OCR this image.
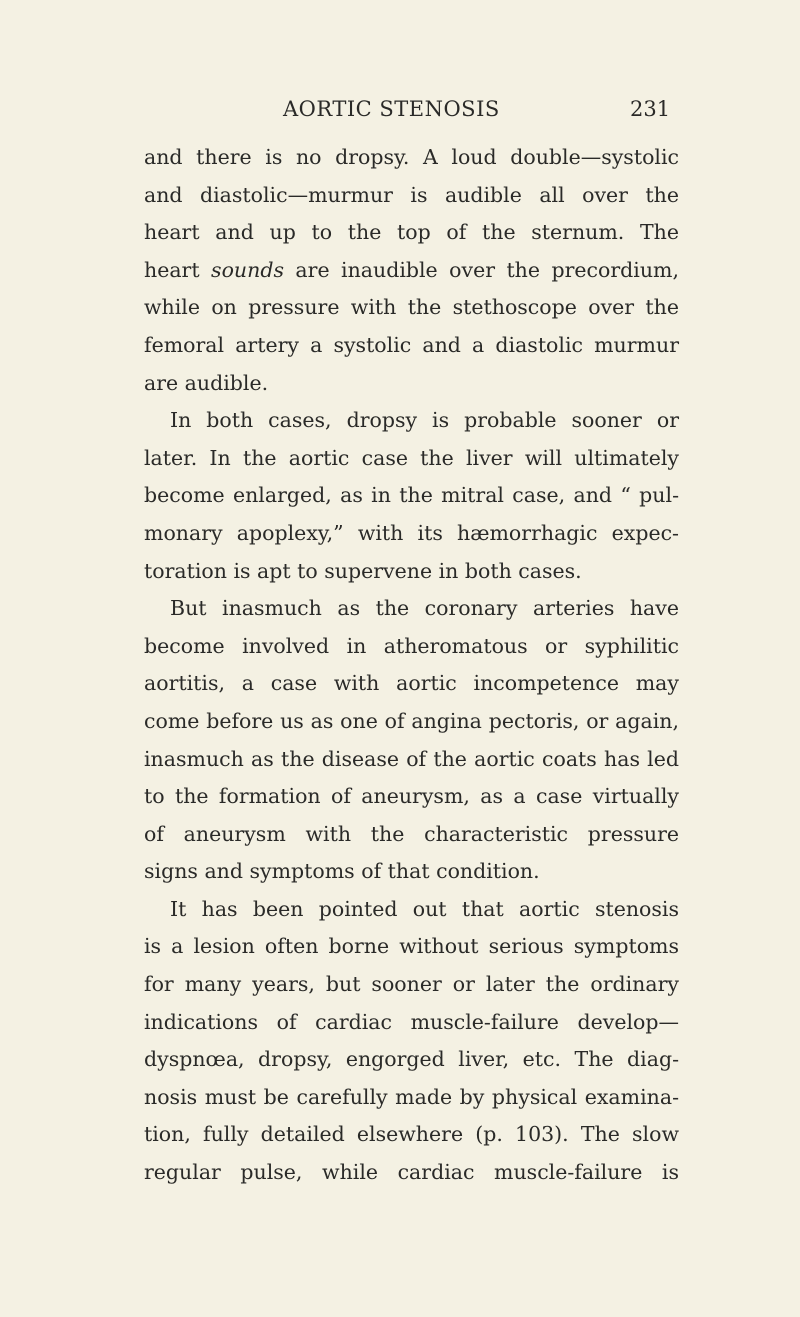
AORTIC STENOSIS	231
and there is no dropsy. A loud double—systolic
and diastolic—murmur is audible all over the
heart and up to the top of the sternum. The
heart sounds are inaudible over the precordium,
while on pressure with the stethoscope over the
femoral artery a systolic and a diastolic murmur
are audible.
In both cases, dropsy is probable sooner or
later. In the aortic case the liver will ultimately
become enlarged, as in the mitral case, and “ pul-
monary apoplexy,” with its hæmorrhagic expec-
toration is apt to supervene in both cases.
But inasmuch as the coronary arteries have
become involved in atheromatous or syphilitic
aortitis, a case with aortic incompetence may
come before us as one of angina pectoris, or again,
inasmuch as the disease of the aortic coats has led
to the formation of aneurysm, as a case virtually
of aneurysm with the characteristic pressure
signs and symptoms of that condition.
It has been pointed out that aortic stenosis
is a lesion often borne without serious symptoms
for many years, but sooner or later the ordinary
indications of cardiac muscle-failure develop—
dyspnœa, dropsy, engorged liver, etc. The diag-
nosis must be carefully made by physical examina-
tion, fully detailed elsewhere (p. 103). The slow
regular pulse, while cardiac muscle-failure is
